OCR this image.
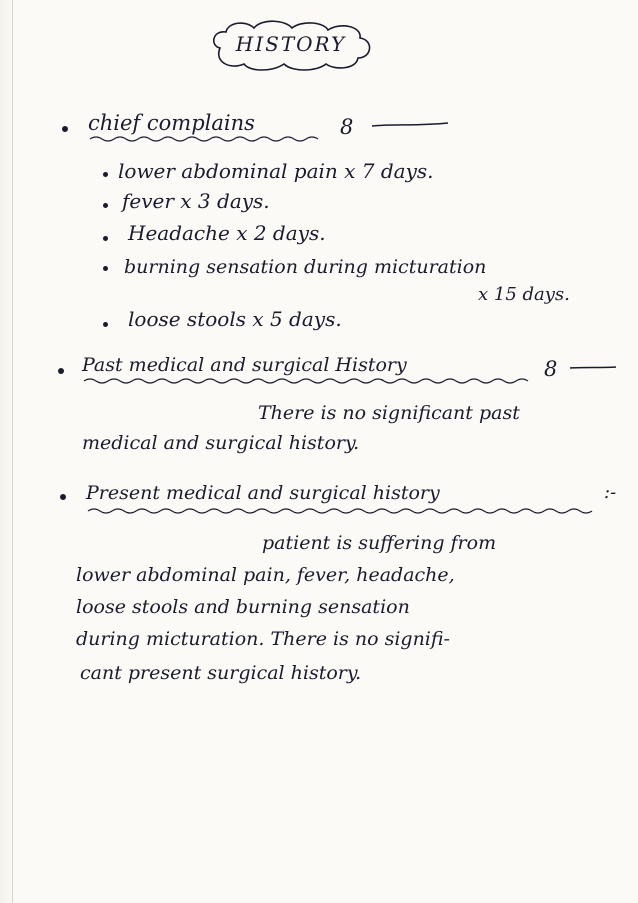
HISTORY
chief complains	8
lower abdominal pain x 7 days.
fever x 3 days.
Headache x 2 days.
burning sensation during micturation
x 15 days.
loose stools x 5 days.
Past medical and surgical History	8
There is no significant past
medical and surgical history.
Present medical and surgical history	:-
patient is suffering from
lower abdominal pain, fever, headache,
loose stools and burning sensation
during micturation. There is no signifi-
cant present surgical history.
